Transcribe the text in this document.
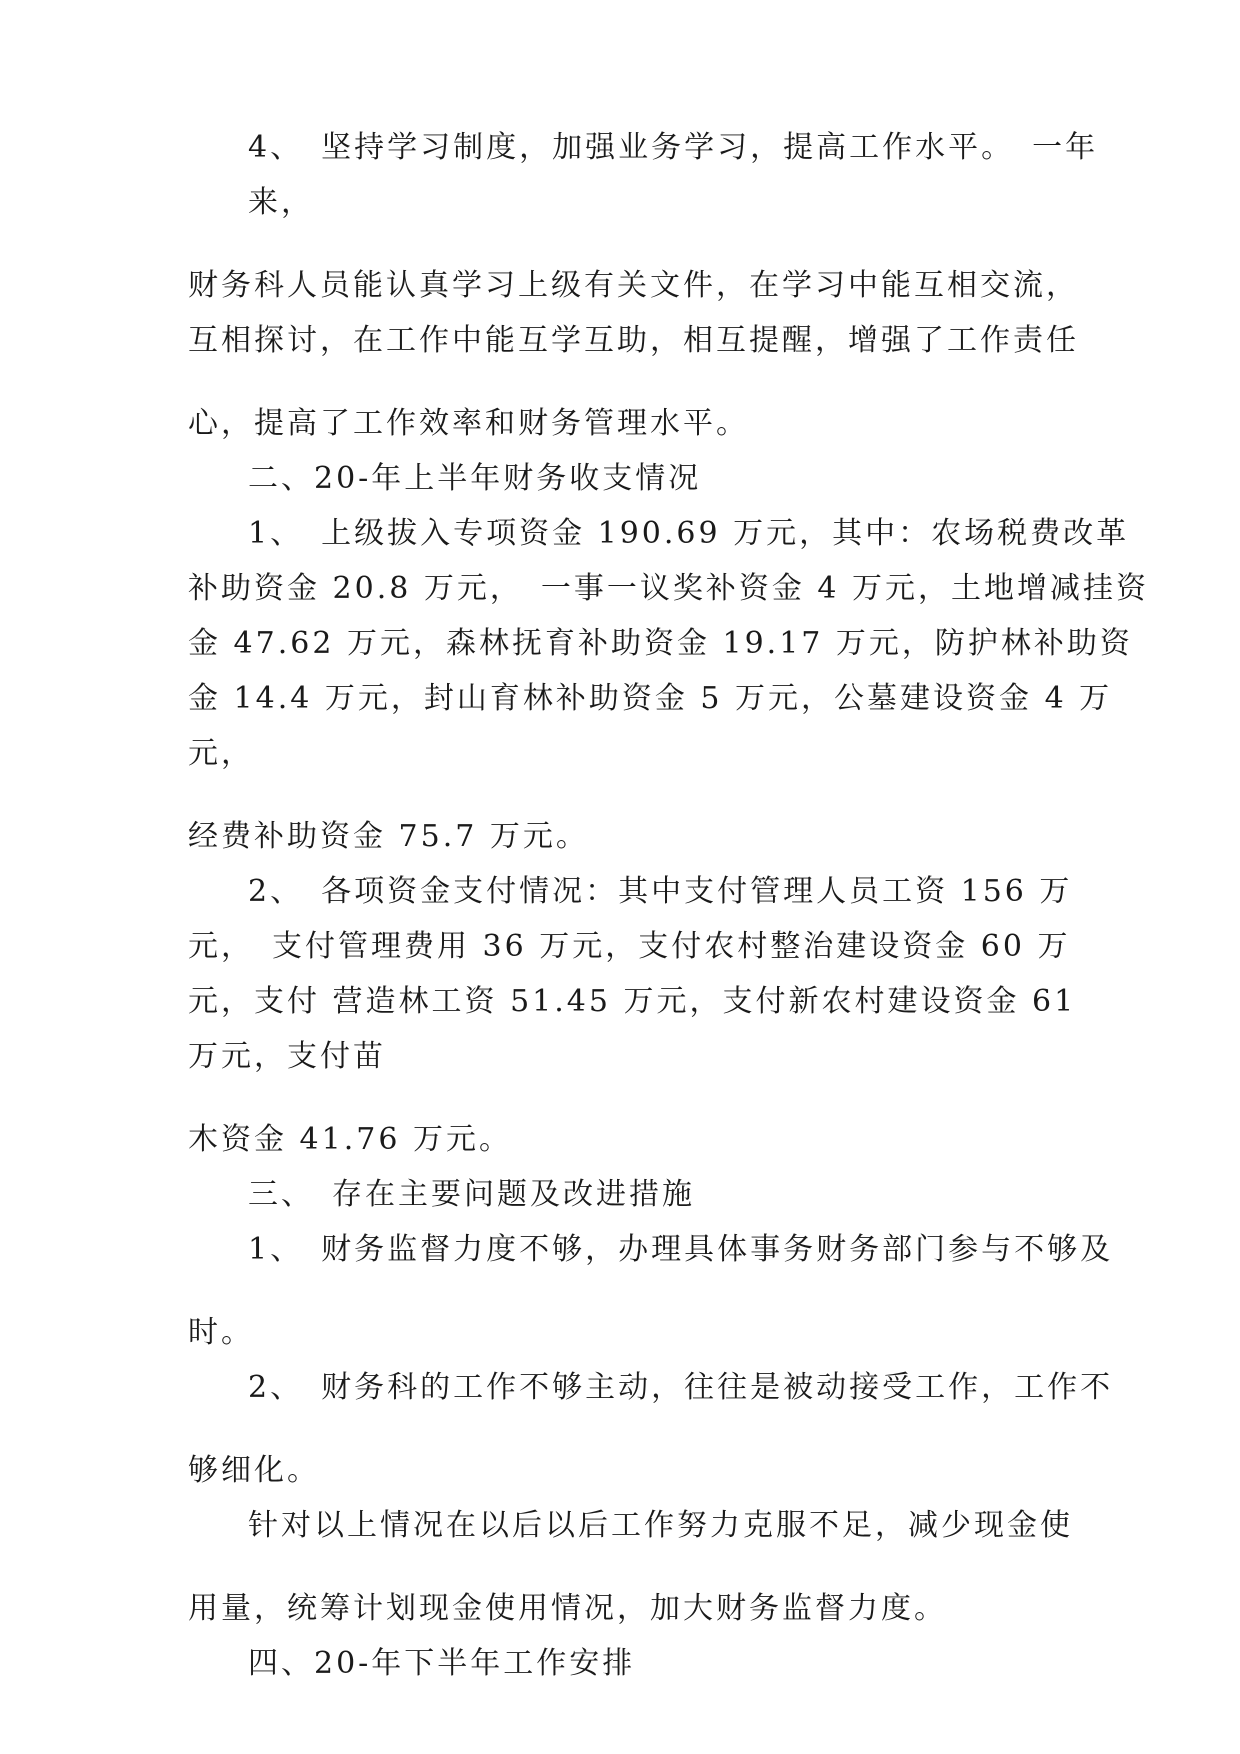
4、　坚持学习制度，加强业务学习，提高工作水平。　一年
来，
财务科人员能认真学习上级有关文件，在学习中能互相交流，
互相探讨，在工作中能互学互助，相互提醒，增强了工作责任
心，提高了工作效率和财务管理水平。
二、20-年上半年财务收支情况
1、　上级拔入专项资金 190.69 万元，其中：农场税费改革
补助资金 20.8 万元，　一事一议奖补资金 4 万元，土地增减挂资
金 47.62 万元，森林抚育补助资金 19.17 万元，防护林补助资
金 14.4 万元，封山育林补助资金 5 万元，公墓建设资金 4 万
元，
经费补助资金 75.7 万元。
2、　各项资金支付情况：其中支付管理人员工资 156 万
元，　支付管理费用 36 万元，支付农村整治建设资金 60 万
元，支付 营造林工资 51.45 万元，支付新农村建设资金 61
万元，支付苗
木资金 41.76 万元。
三、　存在主要问题及改进措施
1、　财务监督力度不够，办理具体事务财务部门参与不够及
时。
2、　财务科的工作不够主动，往往是被动接受工作，工作不
够细化。
针对以上情况在以后以后工作努力克服不足，减少现金使
用量，统筹计划现金使用情况，加大财务监督力度。
四、20-年下半年工作安排
